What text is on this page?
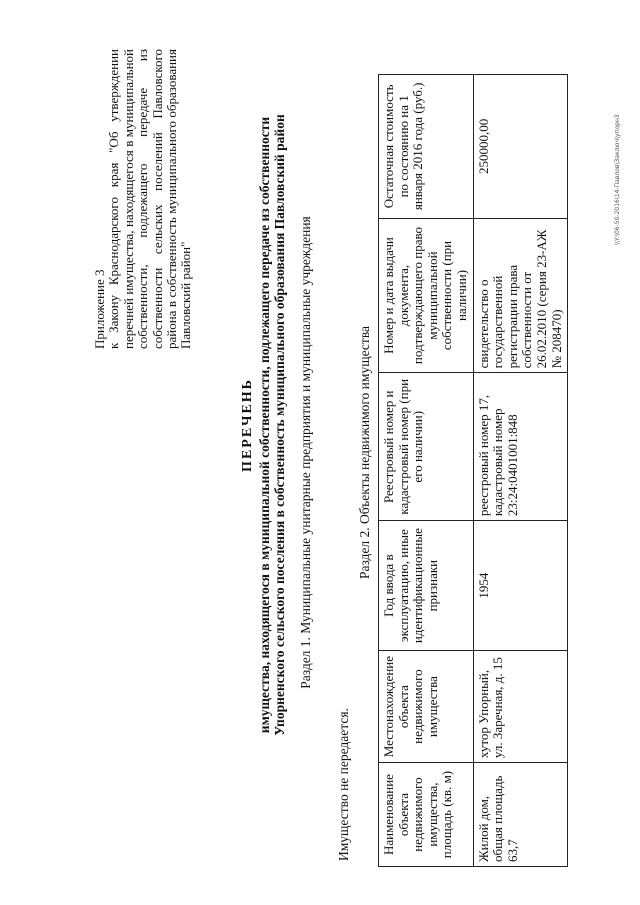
Приложение 3 к Закону Краснодарского края "Об утверждении перечней имущества, находящегося в муниципальной собственности, подлежащего передаче из собственности сельских поселений Павловского района в собственность муниципального образования Павловский район"
ПЕРЕЧЕНЬ имущества, находящегося в муниципальной собственности, подлежащего передаче из собственности Упорненского сельского поселения в собственность муниципального образования Павловский район Раздел 1. Муниципальные унитарные предприятия и муниципальные учреждения
Имущество не передается.
Раздел 2. Объекты недвижимого имущества
Наименование объекта недвижимого имущества, площадь (кв. м)	Местонахождение объекта недвижимого имущества	Год ввода в эксплуатацию, иные идентификационные признаки	Реестровый номер и кадастровый номер (при его наличии)	Номер и дата выдачи документа, подтверждающего право муниципальной собственности (при наличии)	Остаточная стоимость по состоянию на 1 января 2016 года (руб.)
Жилой дом, общая площадь 63,7	хутор Упорный, ул. Заречная, д. 15	1954	реестровый номер 17, кадастровый номер 23:24:0401001:848	свидетельство о государственной регистрации права собственности от 26.02.2010 (серия 23-АЖ № 208470)	250000,00	\\Y:\06-50-2016\14-Павлов\Заключ\упорн3
